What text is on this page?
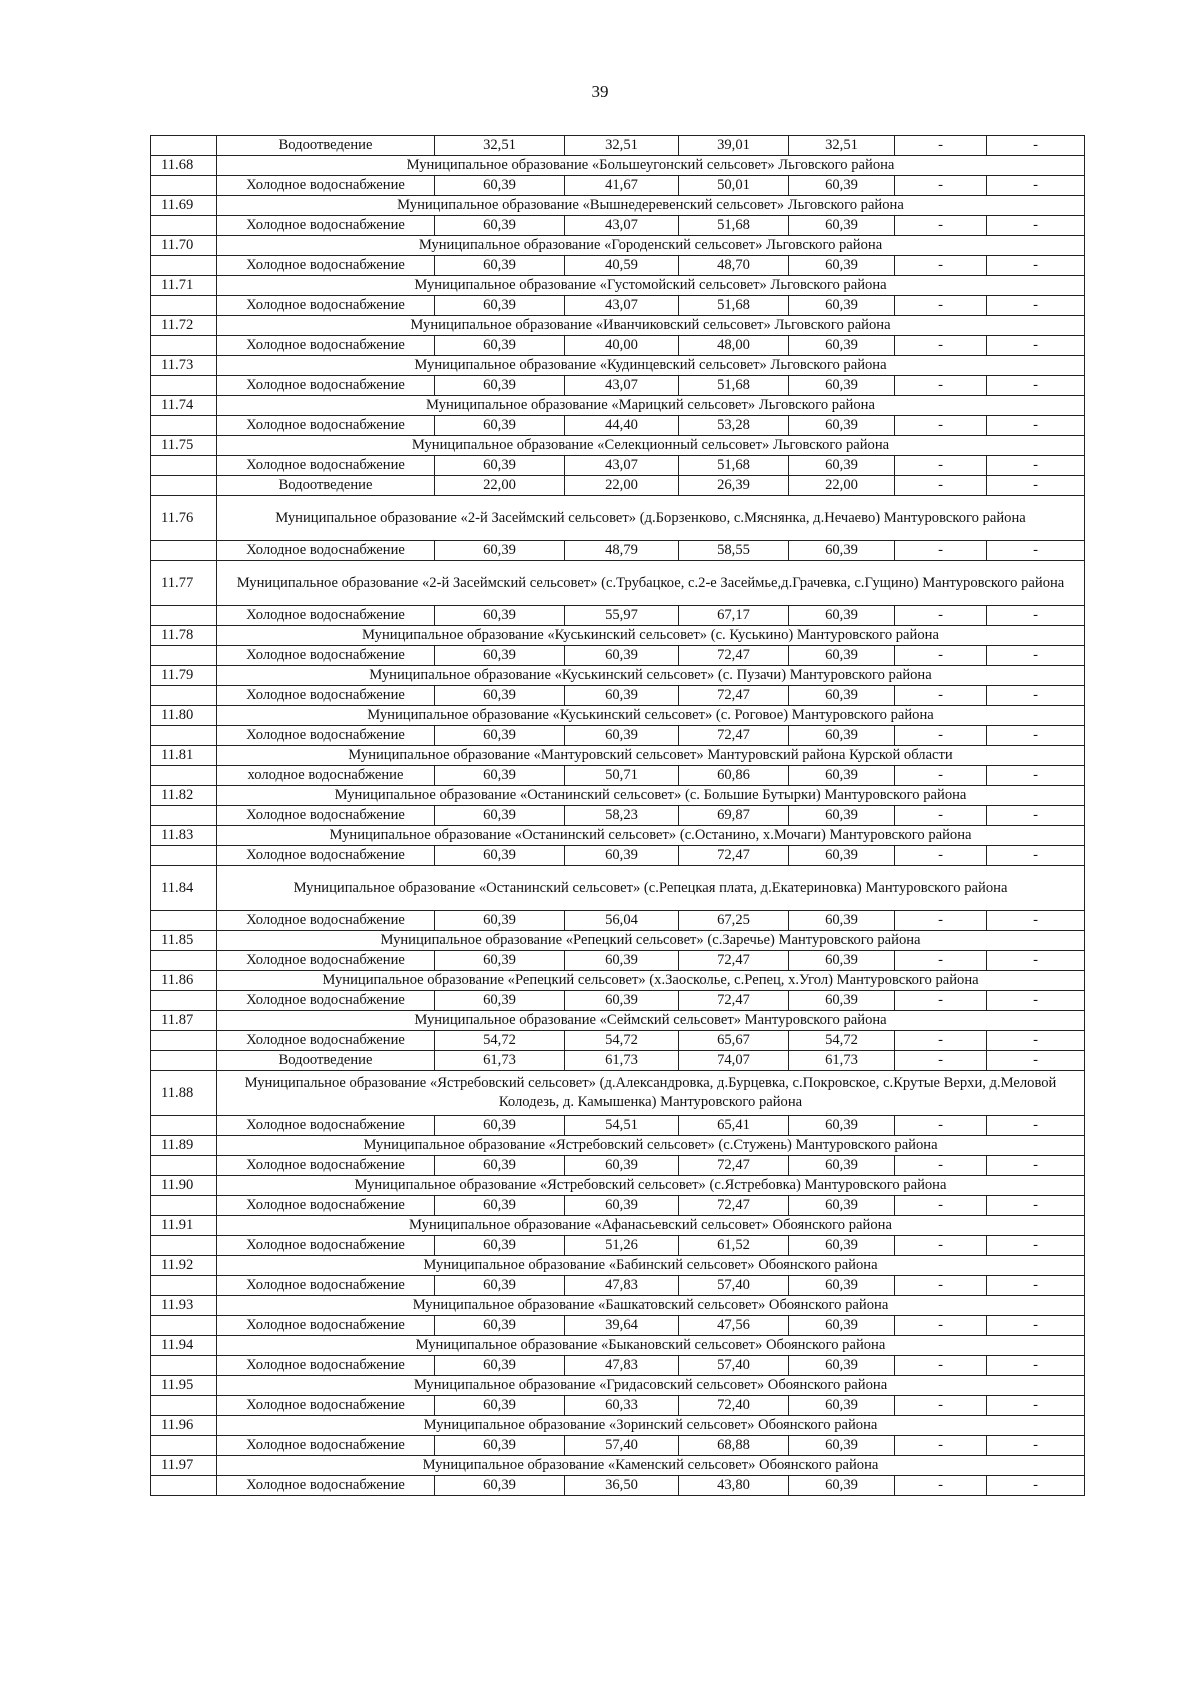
39
	Водоотведение	32,51	32,51	39,01	32,51	-	-
11.68	Муниципальное образование «Большеугонский сельсовет» Льговского района						
	Холодное водоснабжение	60,39	41,67	50,01	60,39	-	-
11.69	Муниципальное образование «Вышнедеревенский сельсовет» Льговского района						
	Холодное водоснабжение	60,39	43,07	51,68	60,39	-	-
11.70	Муниципальное образование «Городенский сельсовет» Льговского района						
	Холодное водоснабжение	60,39	40,59	48,70	60,39	-	-
11.71	Муниципальное образование «Густомойский сельсовет» Льговского района						
	Холодное водоснабжение	60,39	43,07	51,68	60,39	-	-
11.72	Муниципальное образование «Иванчиковский сельсовет» Льговского района						
	Холодное водоснабжение	60,39	40,00	48,00	60,39	-	-
11.73	Муниципальное образование «Кудинцевский сельсовет» Льговского района						
	Холодное водоснабжение	60,39	43,07	51,68	60,39	-	-
11.74	Муниципальное образование «Марицкий сельсовет» Льговского района						
	Холодное водоснабжение	60,39	44,40	53,28	60,39	-	-
11.75	Муниципальное образование «Селекционный сельсовет» Льговского района						
	Холодное водоснабжение	60,39	43,07	51,68	60,39	-	-
	Водоотведение	22,00	22,00	26,39	22,00	-	-
11.76	Муниципальное образование «2-й Засеймский сельсовет» (д.Борзенково, с.Мяснянка, д.Нечаево) Мантуровского района						
	Холодное водоснабжение	60,39	48,79	58,55	60,39	-	-
11.77	Муниципальное образование «2-й Засеймский сельсовет» (с.Трубацкое, с.2-е Засеймье,д.Грачевка, с.Гущино) Мантуровского района						
	Холодное водоснабжение	60,39	55,97	67,17	60,39	-	-
11.78	Муниципальное образование «Куськинский сельсовет» (с. Куськино) Мантуровского района						
	Холодное водоснабжение	60,39	60,39	72,47	60,39	-	-
11.79	Муниципальное образование «Куськинский сельсовет» (с. Пузачи) Мантуровского района						
	Холодное водоснабжение	60,39	60,39	72,47	60,39	-	-
11.80	Муниципальное образование «Куськинский сельсовет» (с. Роговое) Мантуровского района						
	Холодное водоснабжение	60,39	60,39	72,47	60,39	-	-
11.81	Муниципальное образование «Мантуровский сельсовет» Мантуровский района Курской области						
	холодное водоснабжение	60,39	50,71	60,86	60,39	-	-
11.82	Муниципальное образование «Останинский сельсовет» (с. Большие Бутырки) Мантуровского района						
	Холодное водоснабжение	60,39	58,23	69,87	60,39	-	-
11.83	Муниципальное образование «Останинский сельсовет» (с.Останино, х.Мочаги) Мантуровского района						
	Холодное водоснабжение	60,39	60,39	72,47	60,39	-	-
11.84	Муниципальное образование «Останинский сельсовет» (с.Репецкая плата, д.Екатериновка) Мантуровского района						
	Холодное водоснабжение	60,39	56,04	67,25	60,39	-	-
11.85	Муниципальное образование «Репецкий сельсовет» (с.Заречье) Мантуровского района						
	Холодное водоснабжение	60,39	60,39	72,47	60,39	-	-
11.86	Муниципальное образование «Репецкий сельсовет» (х.Заосколье, с.Репец, х.Угол) Мантуровского района						
	Холодное водоснабжение	60,39	60,39	72,47	60,39	-	-
11.87	Муниципальное образование «Сеймский сельсовет» Мантуровского района						
	Холодное водоснабжение	54,72	54,72	65,67	54,72	-	-
	Водоотведение	61,73	61,73	74,07	61,73	-	-
11.88	Муниципальное образование «Ястребовский сельсовет» (д.Александровка, д.Бурцевка, с.Покровское, с.Крутые Верхи, д.Меловой Колодезь, д. Камышенка) Мантуровского района						
	Холодное водоснабжение	60,39	54,51	65,41	60,39	-	-
11.89	Муниципальное образование «Ястребовский сельсовет» (с.Стужень) Мантуровского района						
	Холодное водоснабжение	60,39	60,39	72,47	60,39	-	-
11.90	Муниципальное образование «Ястребовский сельсовет» (с.Ястребовка) Мантуровского района						
	Холодное водоснабжение	60,39	60,39	72,47	60,39	-	-
11.91	Муниципальное образование «Афанасьевский сельсовет» Обоянского района						
	Холодное водоснабжение	60,39	51,26	61,52	60,39	-	-
11.92	Муниципальное образование «Бабинский сельсовет» Обоянского района						
	Холодное водоснабжение	60,39	47,83	57,40	60,39	-	-
11.93	Муниципальное образование «Башкатовский сельсовет» Обоянского района						
	Холодное водоснабжение	60,39	39,64	47,56	60,39	-	-
11.94	Муниципальное образование «Быкановский сельсовет» Обоянского района						
	Холодное водоснабжение	60,39	47,83	57,40	60,39	-	-
11.95	Муниципальное образование «Гридасовский сельсовет» Обоянского района						
	Холодное водоснабжение	60,39	60,33	72,40	60,39	-	-
11.96	Муниципальное образование «Зоринский сельсовет» Обоянского района						
	Холодное водоснабжение	60,39	57,40	68,88	60,39	-	-
11.97	Муниципальное образование «Каменский сельсовет» Обоянского района						
	Холодное водоснабжение	60,39	36,50	43,80	60,39	-	-
